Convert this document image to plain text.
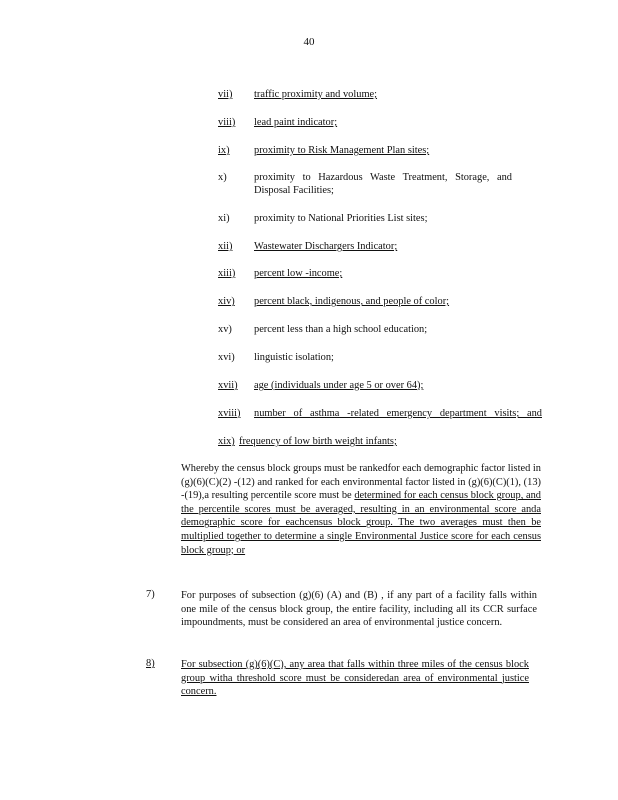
40
vii) traffic proximity and volume;
viii) lead paint indicator;
ix) proximity to Risk Management Plan sites;
x)	proximity to Hazardous Waste Treatment, Storage, and
Disposal Facilities;
xi) proximity to National Priorities List sites;
xii) Wastewater Dischargers Indicator;
xiii) percent low -income;
xiv) percent black, indigenous, and people of color;
xv) percent less than a high school education;
xvi) linguistic isolation;
xvii) age (individuals under age 5 or over 64);
xviii) number of asthma -related emergency department visits; and
xix) frequency of low birth weight infants;
Whereby the census block groups must be rankedfor each demographic factor listed in (g)(6)(C)(2) -(12) and ranked for each environmental factor listed in (g)(6)(C)(1), (13) -(19),a resulting percentile score must be determined for each census block group, and the percentile scores must be averaged, resulting in an environmental score anda demographic score for eachcensus block group. The two averages must then be multiplied together to determine a single Environmental Justice score for each census block group; or
7)	For purposes of subsection (g)(6) (A) and (B) , if any part of a facility falls within one mile of the census block group, the entire facility, including all its CCR surface impoundments, must be considered an area of environmental justice concern.
8)	For subsection (g)(6)(C), any area that falls within three miles of the census block group witha threshold score must be consideredan area of environmental justice concern.
